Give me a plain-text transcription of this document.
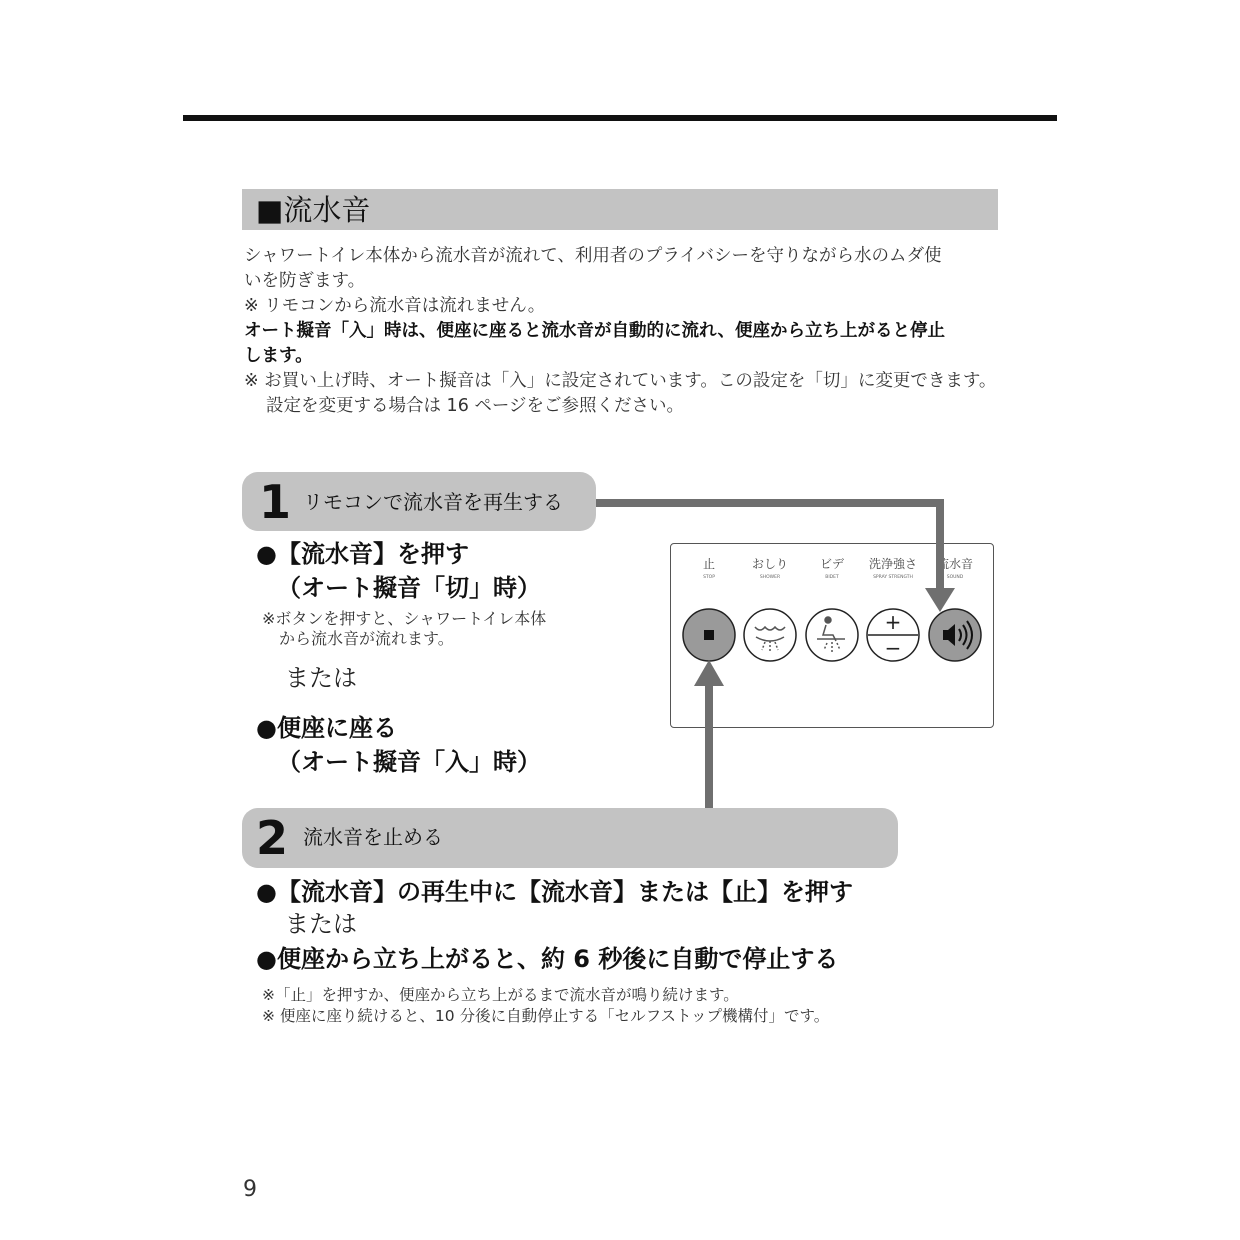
■流水音

シャワートイレ本体から流水音が流れて、利用者のプライバシーを守りながら水のムダ使

いを防ぎます。

※ リモコンから流水音は流れません。

オート擬音「入」時は、便座に座ると流水音が自動的に流れ、便座から立ち上がると停止

します。

※ お買い上げ時、オート擬音は「入」に設定されています。この設定を「切」に変更できます。

設定を変更する場合は 16 ページをご参照ください。

1 リモコンで流水音を再生する
●【流水音】を押す
（オート擬音「切」時）
※ボタンを押すと、シャワートイレ本体
から流水音が流れます。
または
●便座に座る
（オート擬音「入」時）
止
STOP
おしり
SHOWER
ビデ
BIDET
洗浄強さ
SPRAY STRENGTH
流水音
SOUND
+
−
2 流水音を止める
●【流水音】の再生中に【流水音】または【止】を押す
または
●便座から立ち上がると、約 6 秒後に自動で停止する
※「止」を押すか、便座から立ち上がるまで流水音が鳴り続けます。
※ 便座に座り続けると、10 分後に自動停止する「セルフストップ機構付」です。
9
